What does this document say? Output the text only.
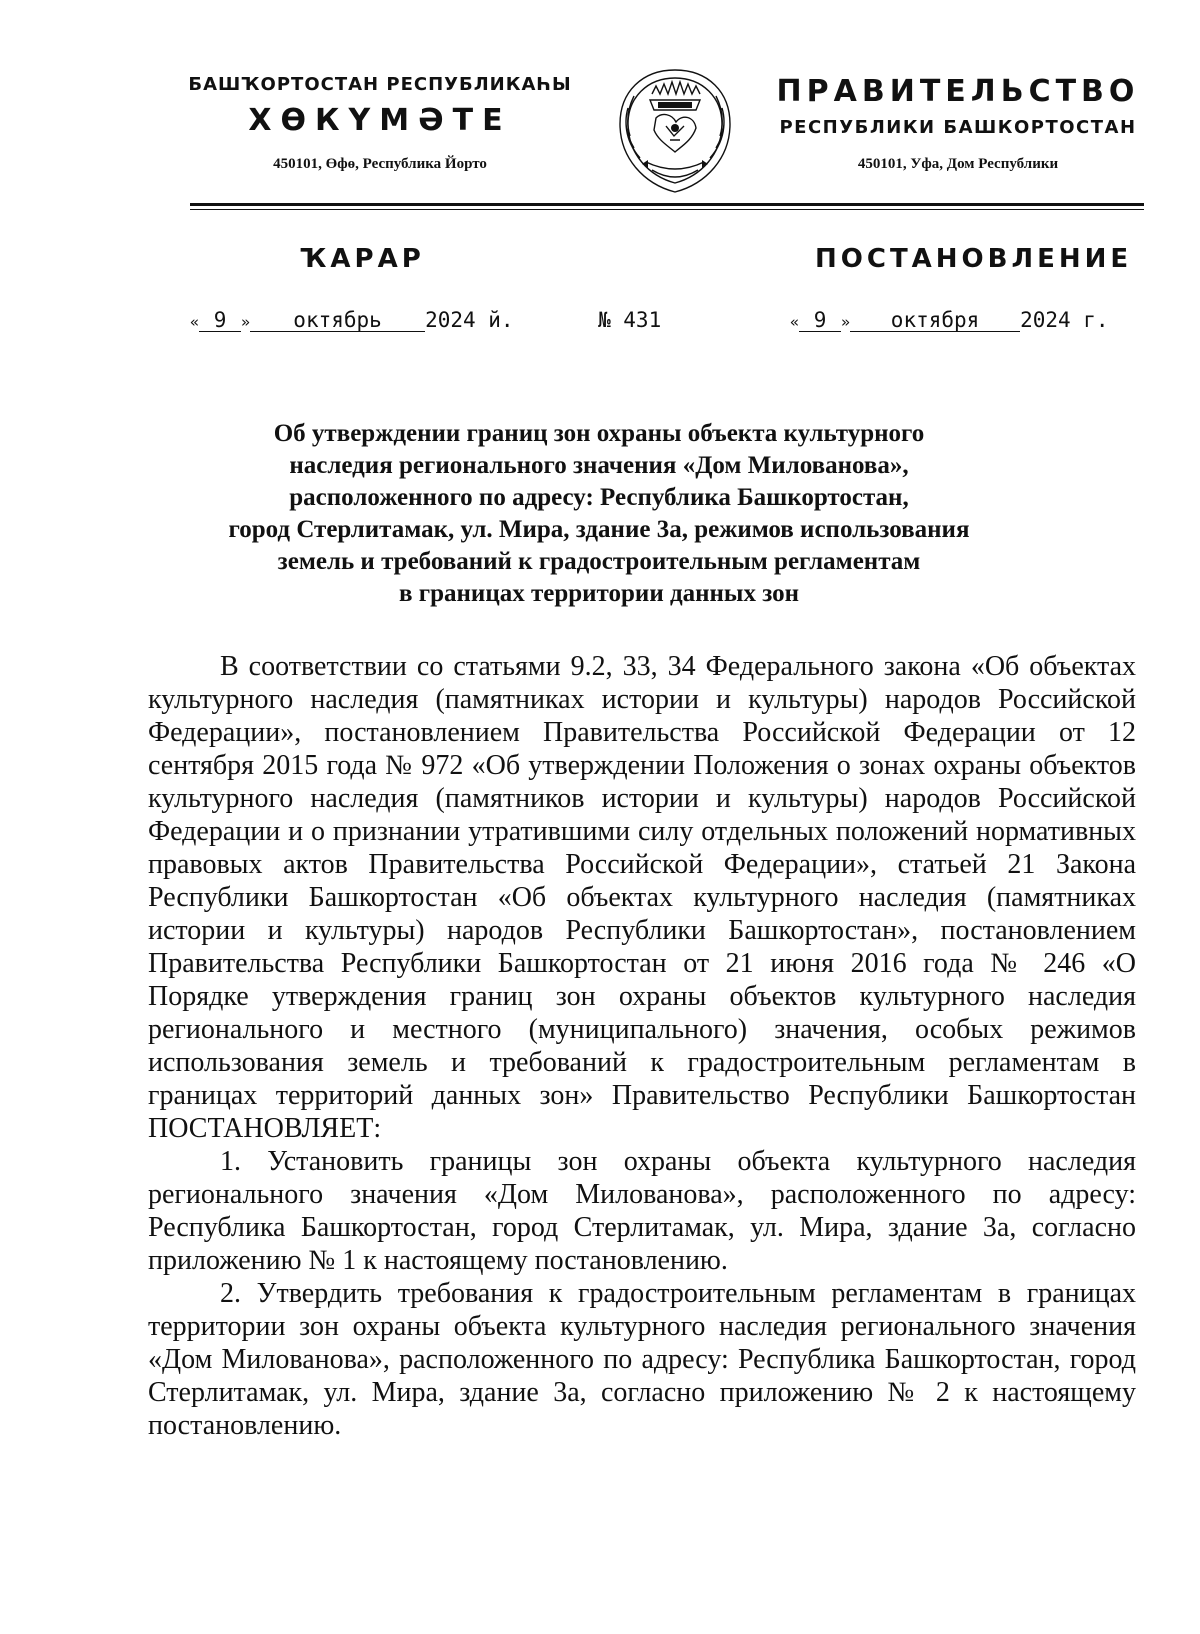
БАШҠОРТОСТАН РЕСПУБЛИКАҺЫ
ХӨКҮМӘТЕ
450101, Өфө, Республика Йорто
ПРАВИТЕЛЬСТВО
РЕСПУБЛИКИ БАШКОРТОСТАН
450101, Уфа, Дом Республики
ҠАРАР	ПОСТАНОВЛЕНИЕ
« 9 » октябрь 2024 й.	№ 431	« 9 » октября 2024 г.
Об утверждении границ зон охраны объекта культурного
наследия регионального значения «Дом Милованова»,
расположенного по адресу: Республика Башкортостан,
город Стерлитамак, ул. Мира, здание 3а, режимов использования
земель и требований к градостроительным регламентам
в границах территории данных зон

В соответствии со статьями 9.2, 33, 34 Федерального закона «Об объектах культурного наследия (памятниках истории и культуры) народов Российской Федерации», постановлением Правительства Российской Федерации от 12 сентября 2015 года № 972 «Об утверждении Положения о зонах охраны объектов культурного наследия (памятников истории и культуры) народов Российской Федерации и о признании утратившими силу отдельных положений нормативных правовых актов Правительства Российской Федерации», статьей 21 Закона Республики Башкортостан «Об объектах культурного наследия (памятниках истории и культуры) народов Республики Башкортостан», постановлением Правительства Республики Башкортостан от 21 июня 2016 года № 246 «О Порядке утверждения границ зон охраны объектов культурного наследия регионального и местного (муниципального) значения, особых режимов использования земель и требований к градостроительным регламентам в границах территорий данных зон» Правительство Республики Башкортостан ПОСТАНОВЛЯЕТ:

1. Установить границы зон охраны объекта культурного наследия регионального значения «Дом Милованова», расположенного по адресу: Республика Башкортостан, город Стерлитамак, ул. Мира, здание 3а, согласно приложению № 1 к настоящему постановлению.

2. Утвердить требования к градостроительным регламентам в границах территории зон охраны объекта культурного наследия регионального значения «Дом Милованова», расположенного по адресу: Республика Башкортостан, город Стерлитамак, ул. Мира, здание 3а, согласно приложению № 2 к настоящему постановлению.
